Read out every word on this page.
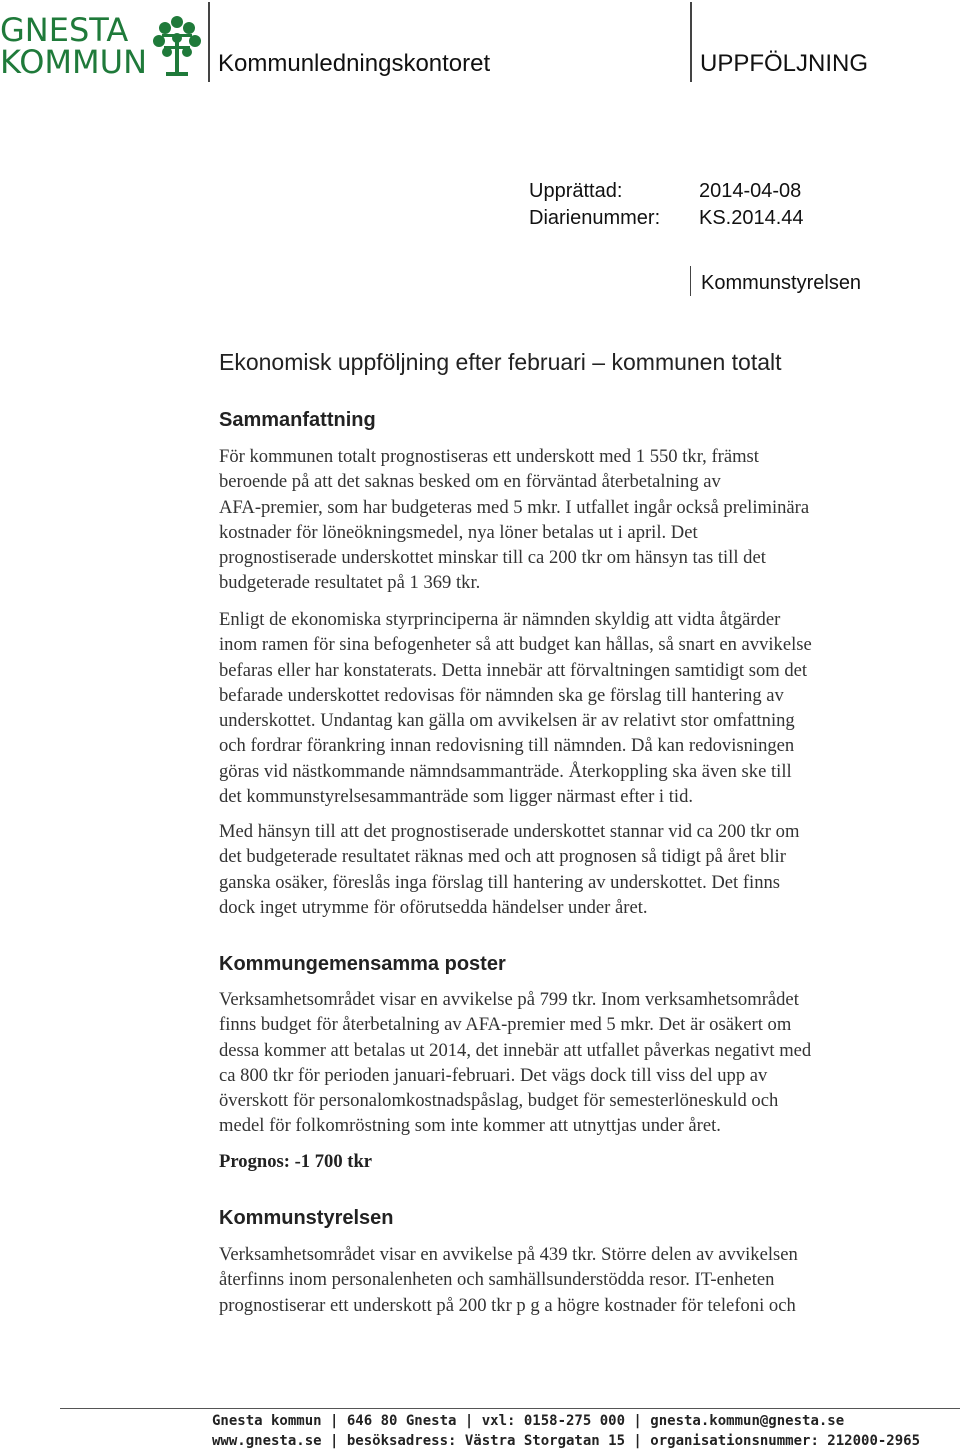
GNESTA
KOMMUN	Kommunledningskontoret	UPPFÖLJNING
Upprättad:	2014-04-08
Diarienummer: KS.2014.44
Kommunstyrelsen
Ekonomisk uppföljning efter februari – kommunen totalt
Sammanfattning
För kommunen totalt prognostiseras ett underskott med 1 550 tkr, främst
beroende på att det saknas besked om en förväntad återbetalning av
AFA-premier, som har budgeteras med 5 mkr. I utfallet ingår också preliminära
kostnader för löneökningsmedel, nya löner betalas ut i april. Det
prognostiserade underskottet minskar till ca 200 tkr om hänsyn tas till det
budgeterade resultatet på 1 369 tkr.
Enligt de ekonomiska styrprinciperna är nämnden skyldig att vidta åtgärder
inom ramen för sina befogenheter så att budget kan hållas, så snart en avvikelse
befaras eller har konstaterats. Detta innebär att förvaltningen samtidigt som det
befarade underskottet redovisas för nämnden ska ge förslag till hantering av
underskottet. Undantag kan gälla om avvikelsen är av relativt stor omfattning
och fordrar förankring innan redovisning till nämnden. Då kan redovisningen
göras vid nästkommande nämndsammanträde. Återkoppling ska även ske till
det kommunstyrelsesammanträde som ligger närmast efter i tid.
Med hänsyn till att det prognostiserade underskottet stannar vid ca 200 tkr om
det budgeterade resultatet räknas med och att prognosen så tidigt på året blir
ganska osäker, föreslås inga förslag till hantering av underskottet. Det finns
dock inget utrymme för oförutsedda händelser under året.
Kommungemensamma poster
Verksamhetsområdet visar en avvikelse på 799 tkr. Inom verksamhetsområdet
finns budget för återbetalning av AFA-premier med 5 mkr. Det är osäkert om
dessa kommer att betalas ut 2014, det innebär att utfallet påverkas negativt med
ca 800 tkr för perioden januari-februari. Det vägs dock till viss del upp av
överskott för personalomkostnadspåslag, budget för semesterlöneskuld och
medel för folkomröstning som inte kommer att utnyttjas under året.
Prognos: -1 700 tkr
Kommunstyrelsen
Verksamhetsområdet visar en avvikelse på 439 tkr. Större delen av avvikelsen
återfinns inom personalenheten och samhällsunderstödda resor. IT-enheten
prognostiserar ett underskott på 200 tkr p g a högre kostnader för telefoni och
Gnesta kommun | 646 80 Gnesta | vxl: 0158-275 000 | gnesta.kommun@gnesta.se
www.gnesta.se | besöksadress: Västra Storgatan 15 | organisationsnummer: 212000-2965
